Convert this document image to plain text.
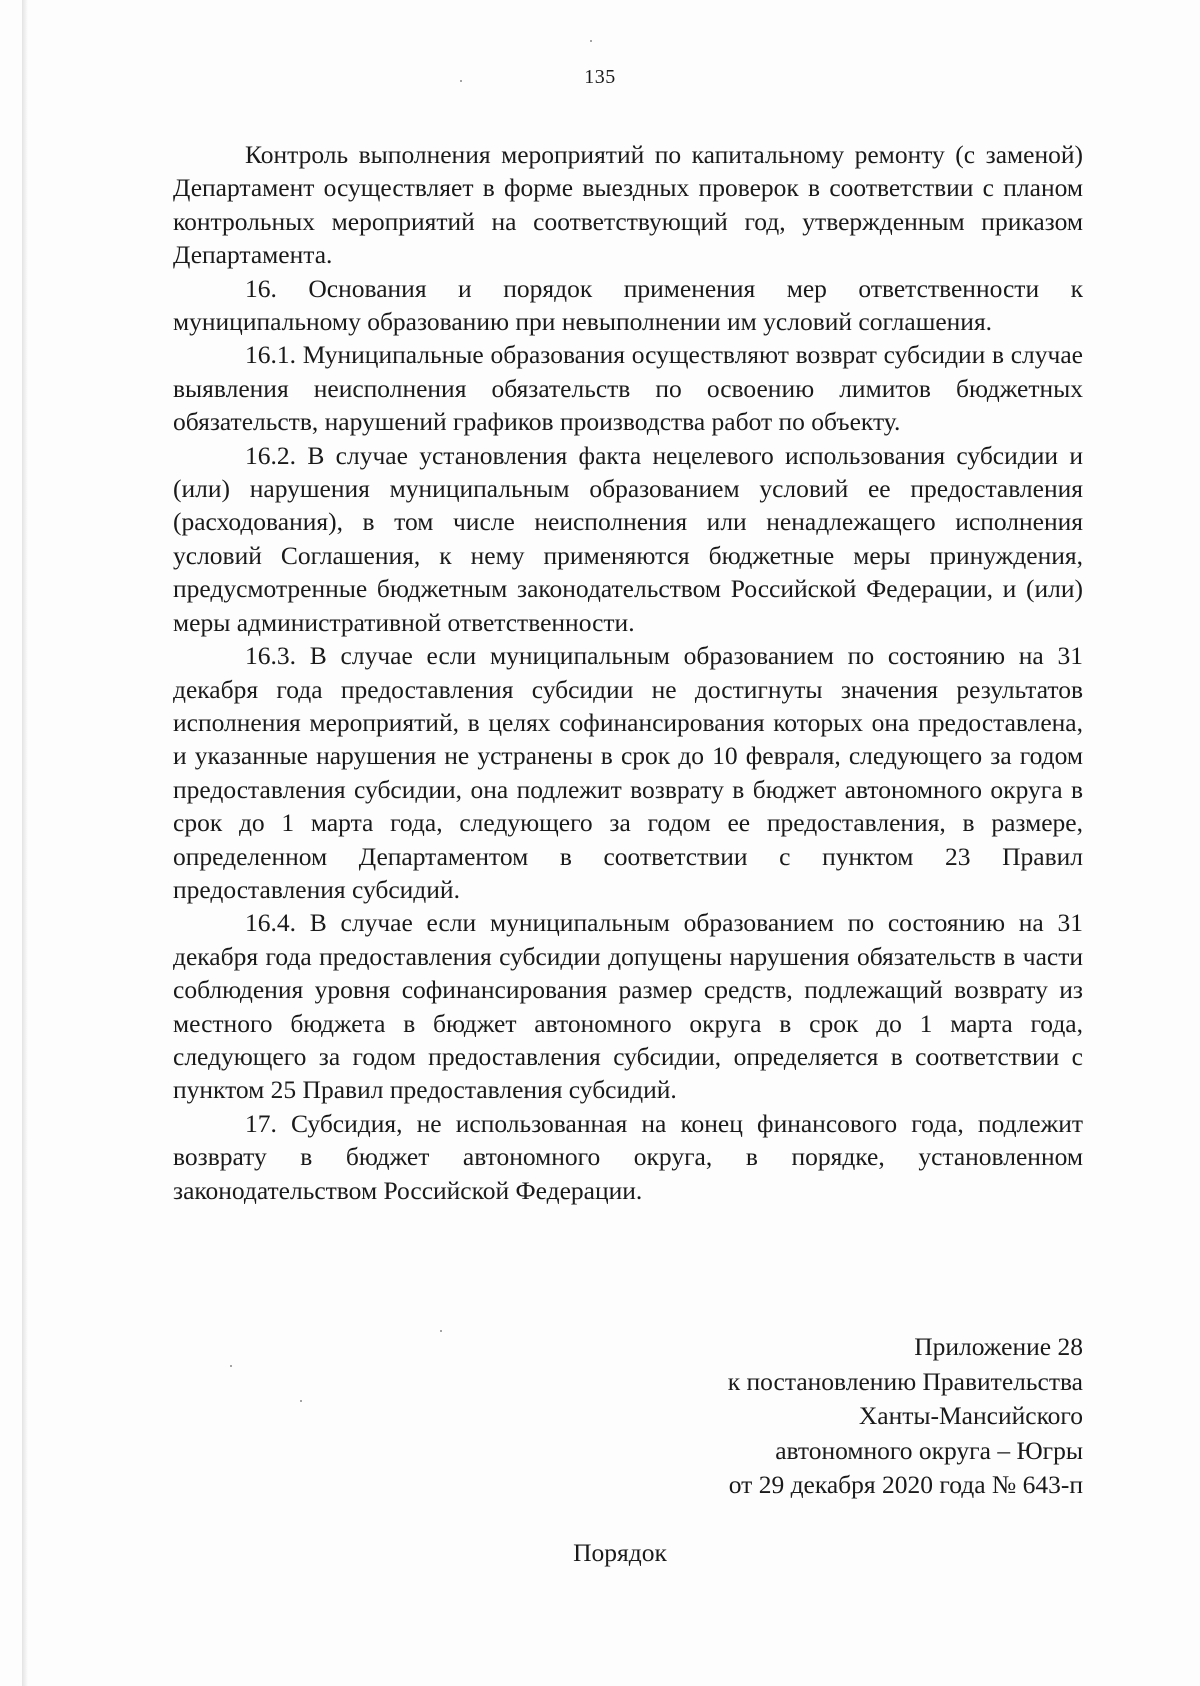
135

Контроль выполнения мероприятий по капитальному ремонту (с заменой) Департамент осуществляет в форме выездных проверок в соответствии с планом контрольных мероприятий на соответствующий год, утвержденным приказом Департамента.

16. Основания и порядок применения мер ответственности к муниципальному образованию при невыполнении им условий соглашения.

16.1. Муниципальные образования осуществляют возврат субсидии в случае выявления неисполнения обязательств по освоению лимитов бюджетных обязательств, нарушений графиков производства работ по объекту.

16.2. В случае установления факта нецелевого использования субсидии и (или) нарушения муниципальным образованием условий ее предоставления (расходования), в том числе неисполнения или ненадлежащего исполнения условий Соглашения, к нему применяются бюджетные меры принуждения, предусмотренные бюджетным законодательством Российской Федерации, и (или) меры административной ответственности.

16.3. В случае если муниципальным образованием по состоянию на 31 декабря года предоставления субсидии не достигнуты значения результатов исполнения мероприятий, в целях софинансирования которых она предоставлена, и указанные нарушения не устранены в срок до 10 февраля, следующего за годом предоставления субсидии, она подлежит возврату в бюджет автономного округа в срок до 1 марта года, следующего за годом ее предоставления, в размере, определенном Департаментом в соответствии с пунктом 23 Правил предоставления субсидий.

16.4. В случае если муниципальным образованием по состоянию на 31 декабря года предоставления субсидии допущены нарушения обязательств в части соблюдения уровня софинансирования размер средств, подлежащий возврату из местного бюджета в бюджет автономного округа в срок до 1 марта года, следующего за годом предоставления субсидии, определяется в соответствии с пунктом 25 Правил предоставления субсидий.

17. Субсидия, не использованная на конец финансового года, подлежит возврату в бюджет автономного округа, в порядке, установленном законодательством Российской Федерации.

Приложение 28
к постановлению Правительства
Ханты-Мансийского
автономного округа – Югры
от 29 декабря 2020 года № 643-п
Порядок
